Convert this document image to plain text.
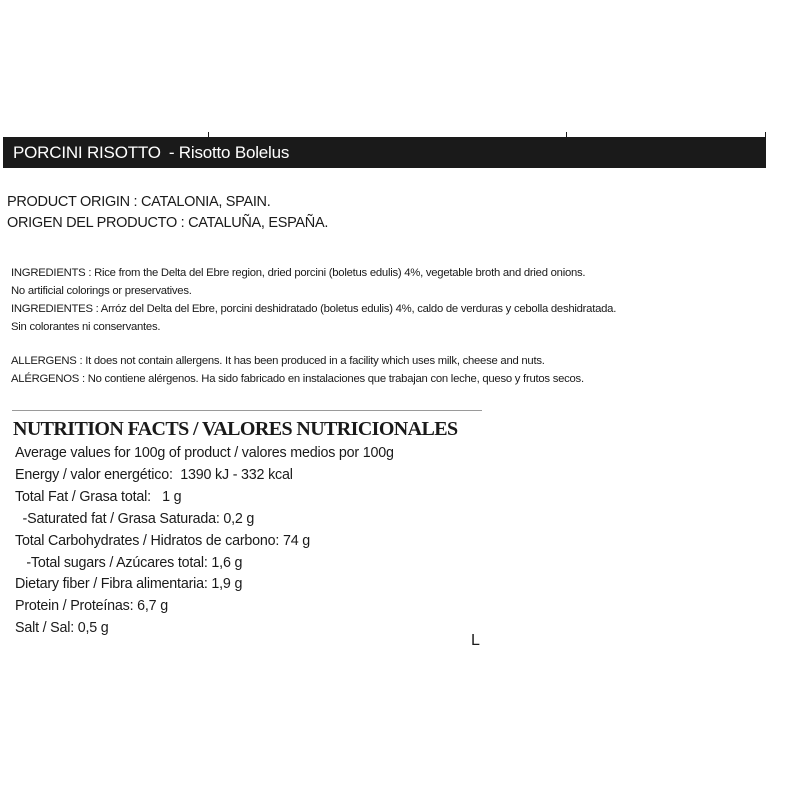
PORCINI RISOTTO - Risotto Bolelus
PRODUCT ORIGIN : CATALONIA, SPAIN.
ORIGEN DEL PRODUCTO : CATALUÑA, ESPAÑA.
INGREDIENTS : Rice from the Delta del Ebre region, dried porcini (boletus edulis) 4%, vegetable broth and dried onions.
No artificial colorings or preservatives.
INGREDIENTES : Arróz del Delta del Ebre, porcini deshidratado (boletus edulis) 4%, caldo de verduras y cebolla deshidratada.
Sin colorantes ni conservantes.
ALLERGENS : It does not contain allergens. It has been produced in a facility which uses milk, cheese and nuts.
ALÉRGENOS : No contiene alérgenos. Ha sido fabricado en instalaciones que trabajan con leche, queso y frutos secos.
NUTRITION FACTS / VALORES NUTRICIONALES
Average values for 100g of product / valores medios por 100g
Energy / valor energético:  1390 kJ - 332 kcal
Total Fat / Grasa total:   1 g
-Saturated fat / Grasa Saturada: 0,2 g
Total Carbohydrates / Hidratos de carbono: 74 g
-Total sugars / Azúcares total: 1,6 g
Dietary fiber / Fibra alimentaria: 1,9 g
Protein / Proteínas: 6,7 g
Salt / Sal: 0,5 g
L
